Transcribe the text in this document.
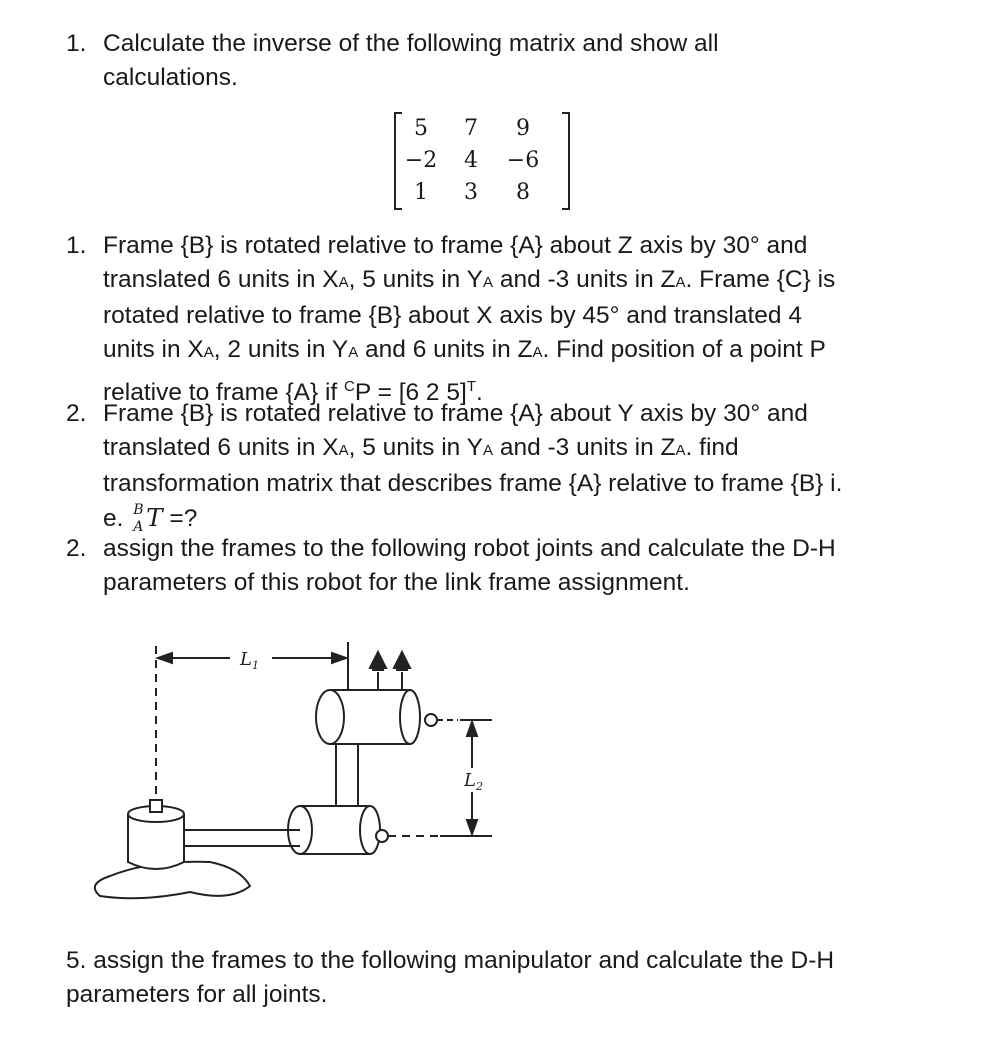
1. Calculate the inverse of the following matrix and show all
calculations.
5	7	9
−2	4	−6
1	3	8
1. Frame {B} is rotated relative to frame {A} about Z axis by 30° and
translated 6 units in XA, 5 units in YA and -3 units in ZA. Frame {C} is
rotated relative to frame {B} about X axis by 45° and translated 4
units in XA, 2 units in YA and 6 units in ZA. Find position of a point P
relative to frame {A} if $^C$P = [6 2 5]$^T$.
2. Frame {B} is rotated relative to frame {A} about Y axis by 30° and
translated 6 units in XA, 5 units in YA and -3 units in ZA. find
transformation matrix that describes frame {A} relative to frame {B} i.
e. B
A T =?
2. assign the frames to the following robot joints and calculate the D-H
parameters of this robot for the link frame assignment.
$L_1$
$L_2$
5. assign the frames to the following manipulator and calculate the D-H
parameters for all joints.
